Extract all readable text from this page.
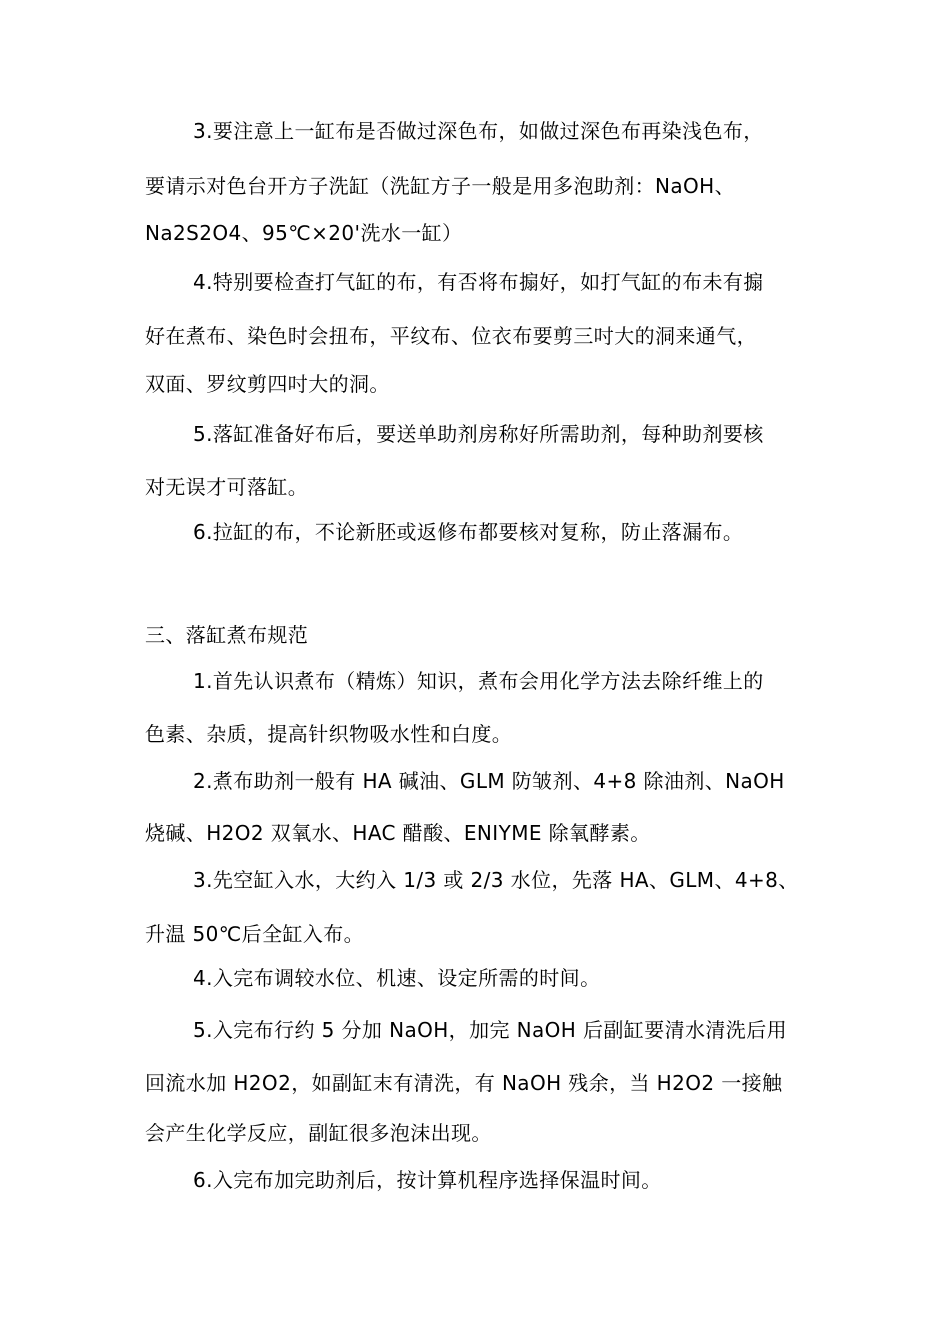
3.要注意上一缸布是否做过深色布，如做过深色布再染浅色布，
要请示对色台开方子洗缸（洗缸方子一般是用多泡助剂：NaOH、
Na2S2O4、95℃×20'洗水一缸）
4.特别要检查打气缸的布，有否将布搧好，如打气缸的布未有搧
好在煮布、染色时会扭布，平纹布、位衣布要剪三吋大的洞来通气，
双面、罗纹剪四吋大的洞。
5.落缸准备好布后，要送单助剂房称好所需助剂，每种助剂要核
对无误才可落缸。
6.拉缸的布，不论新胚或返修布都要核对复称，防止落漏布。
三、落缸煮布规范
1.首先认识煮布（精炼）知识，煮布会用化学方法去除纤维上的
色素、杂质，提高针织物吸水性和白度。
2.煮布助剂一般有 HA 碱油、GLM 防皱剂、4+8 除油剂、NaOH
烧碱、H2O2 双氧水、HAC 醋酸、ENIYME 除氧酵素。
3.先空缸入水，大约入 1/3 或 2/3 水位，先落 HA、GLM、4+8、
升温 50℃后全缸入布。
4.入完布调较水位、机速、设定所需的时间。
5.入完布行约 5 分加 NaOH，加完 NaOH 后副缸要清水清洗后用
回流水加 H2O2，如副缸末有清洗，有 NaOH 残余，当 H2O2 一接触
会产生化学反应，副缸很多泡沫出现。
6.入完布加完助剂后，按计算机程序选择保温时间。
